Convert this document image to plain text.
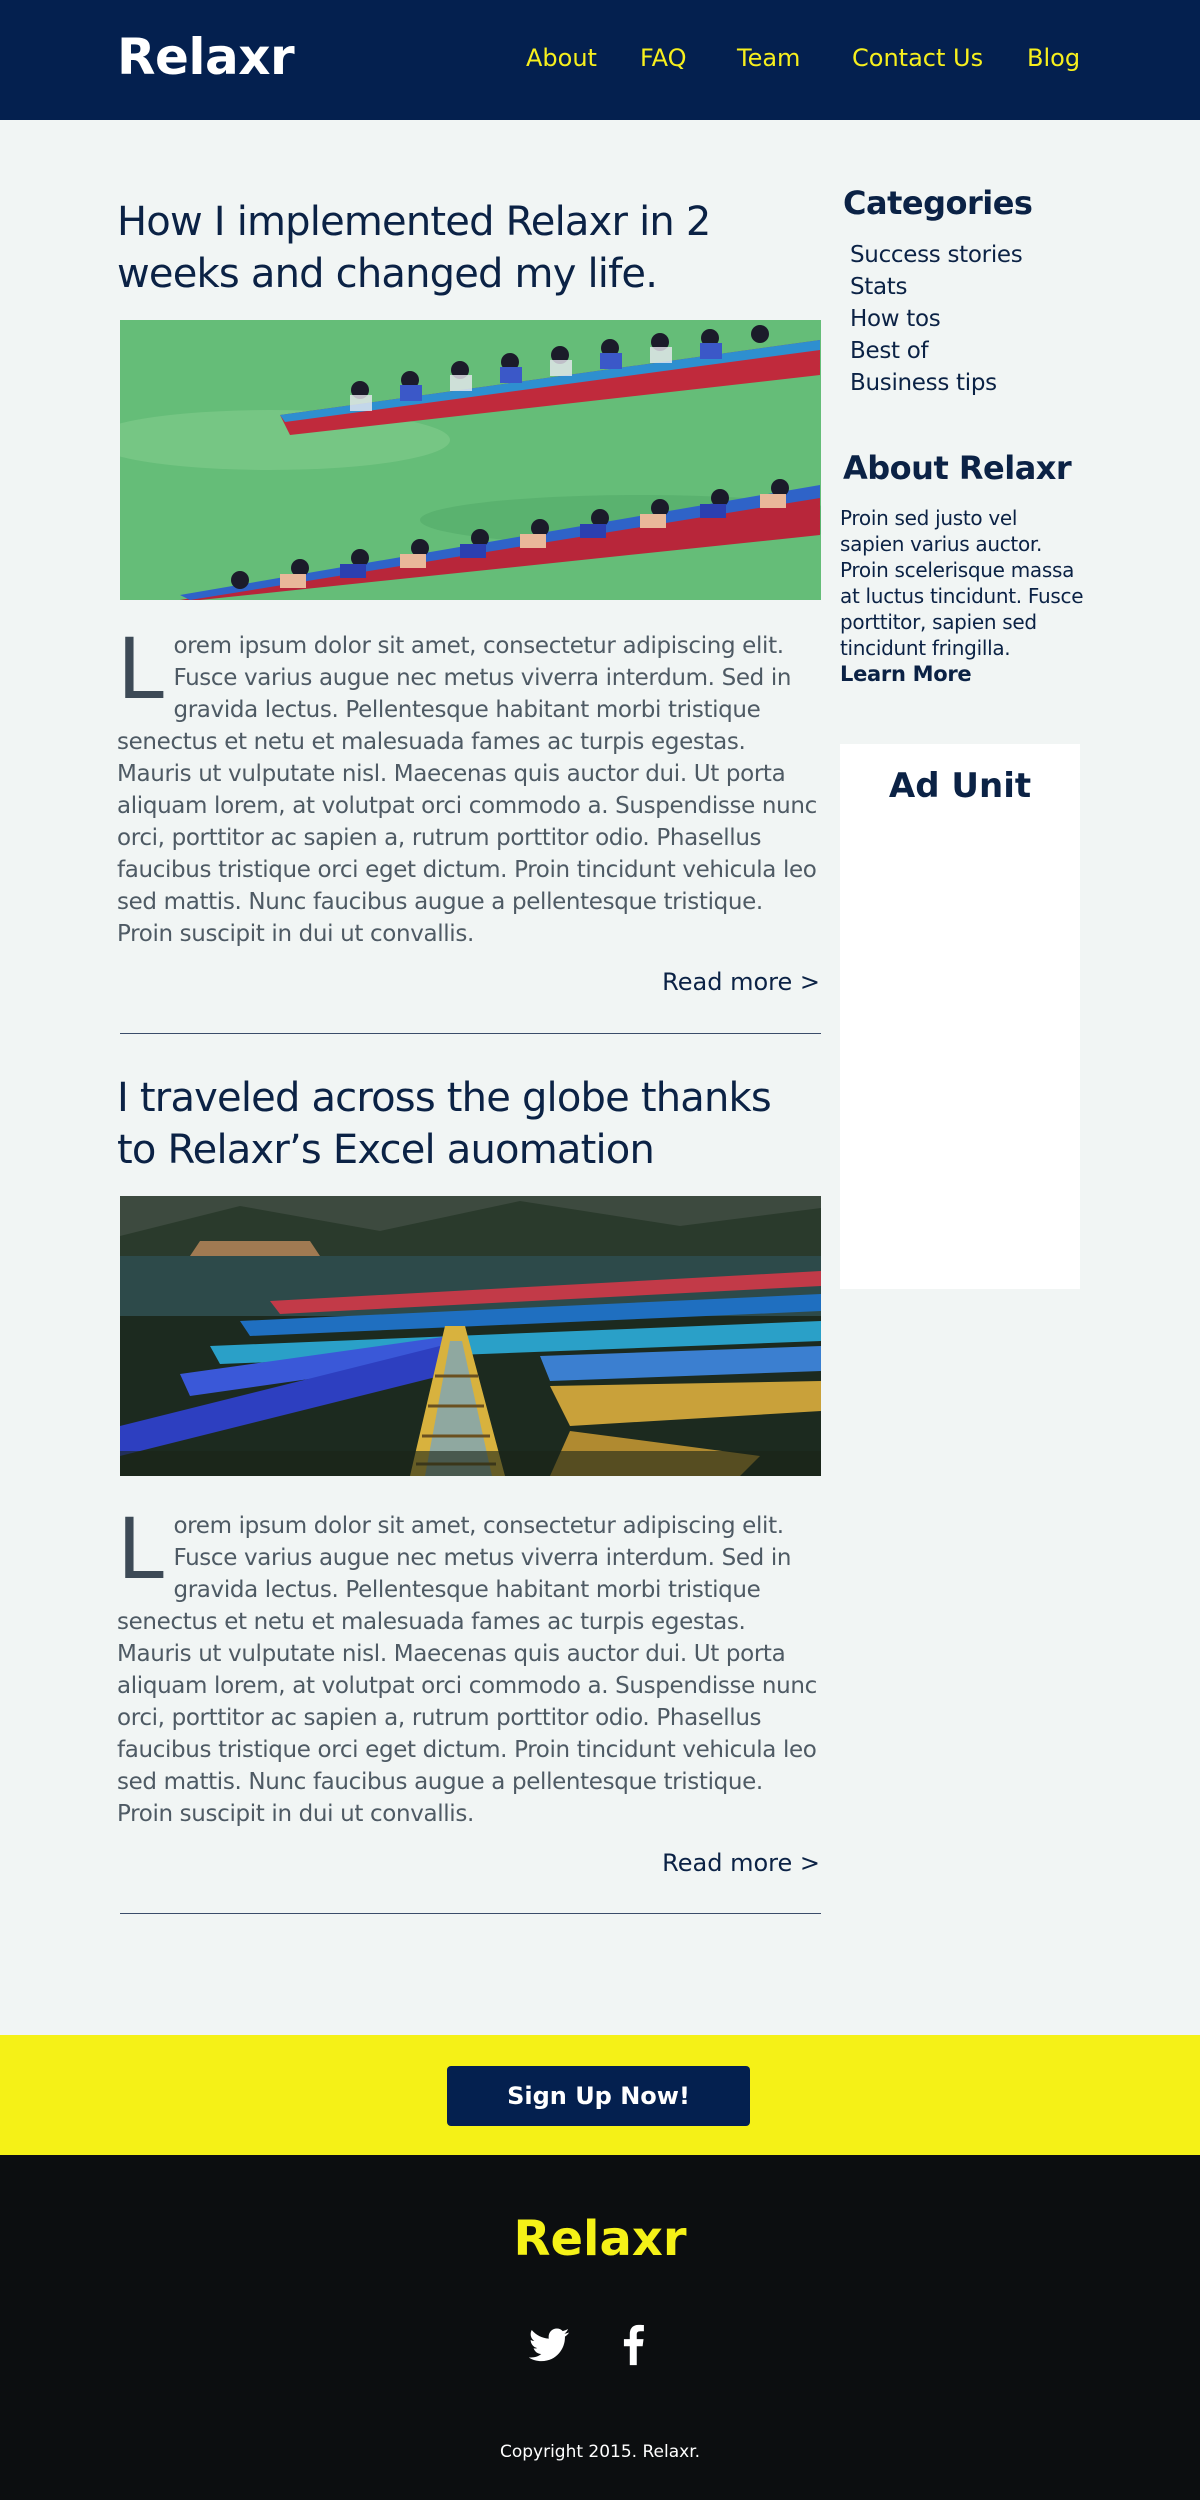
Relaxr	About FAQ Team Contact Us Blog
How I implemented Relaxr in 2 weeks and changed my life.

Lorem ipsum dolor sit amet, consectetur adipiscing elit. Fusce varius augue nec metus viverra interdum. Sed in gravida lectus. Pellentesque habitant morbi tristique senectus et netu et malesuada fames ac turpis egestas. Mauris ut vulputate nisl. Maecenas quis auctor dui. Ut porta aliquam lorem, at volutpat orci commodo a. Suspendisse nunc orci, porttitor ac sapien a, rutrum porttitor odio. Phasellus faucibus tristique orci eget dictum. Proin tincidunt vehicula leo sed mattis. Nunc faucibus augue a pellentesque tristique. Proin suscipit in dui ut convallis.

Read more >
I traveled across the globe thanks to Relaxr’s Excel auomation

Lorem ipsum dolor sit amet, consectetur adipiscing elit. Fusce varius augue nec metus viverra interdum. Sed in gravida lectus. Pellentesque habitant morbi tristique senectus et netu et malesuada fames ac turpis egestas. Mauris ut vulputate nisl. Maecenas quis auctor dui. Ut porta aliquam lorem, at volutpat orci commodo a. Suspendisse nunc orci, porttitor ac sapien a, rutrum porttitor odio. Phasellus faucibus tristique orci eget dictum. Proin tincidunt vehicula leo sed mattis. Nunc faucibus augue a pellentesque tristique. Proin suscipit in dui ut convallis.

Read more >
Categories
Success stories
Stats
How tos
Best of
Business tips
About Relaxr
Proin sed justo vel sapien varius auctor. Proin scelerisque massa at luctus tincidunt. Fusce porttitor, sapien sed tincidunt fringilla.
Learn More
Ad Unit
Sign Up Now!
Relaxr
Copyright 2015. Relaxr.
